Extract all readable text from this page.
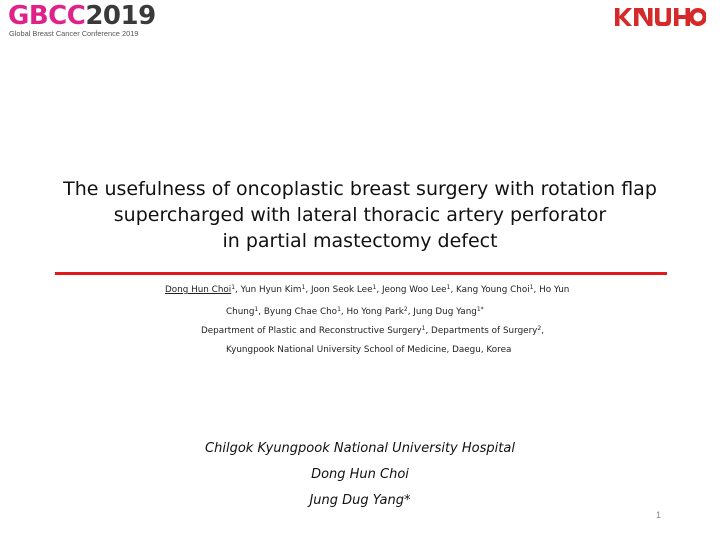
GBCC2019
Global Breast Cancer Conference 2019
The usefulness of oncoplastic breast surgery with rotation flap
supercharged with lateral thoracic artery perforator
in partial mastectomy defect
Dong Hun Choi$^1$, Yun Hyun Kim$^1$, Joon Seok Lee$^1$, Jeong Woo Lee$^1$, Kang Young Choi$^1$, Ho Yun
Chung$^1$, Byung Chae Cho$^1$, Ho Yong Park$^2$, Jung Dug Yang$^{1*}$
Department of Plastic and Reconstructive Surgery$^1$, Departments of Surgery$^2$,
Kyungpook National University School of Medicine, Daegu, Korea
Chilgok Kyungpook National University Hospital
Dong Hun Choi
Jung Dug Yang*
1
